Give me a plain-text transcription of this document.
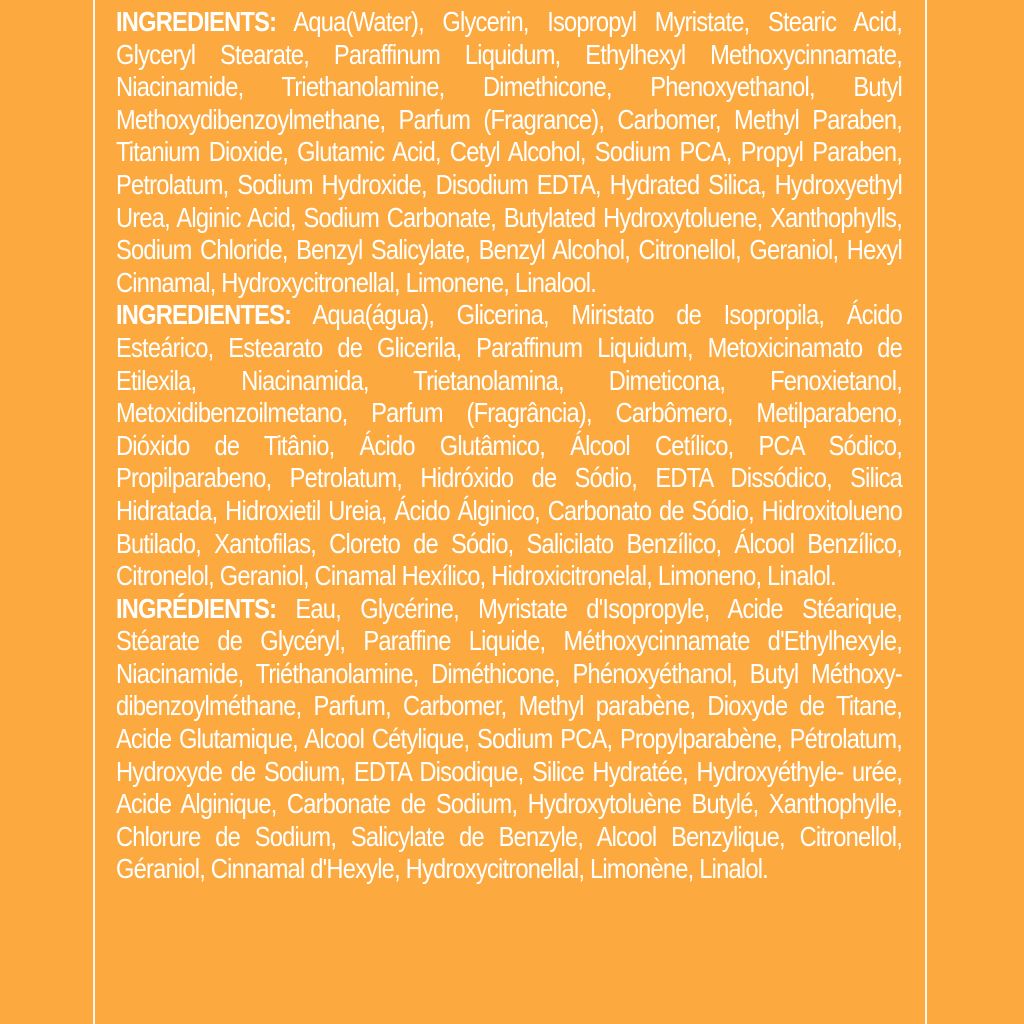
INGREDIENTS: Aqua(Water), Glycerin, Isopropyl Myristate, Stearic Acid, Glyceryl Stearate, Paraffinum Liquidum, Ethylhexyl Methoxycinnamate, Niacinamide, Triethanolamine, Dimethicone, Phenoxyethanol, Butyl Methoxydibenzoylmethane, Parfum (Fragrance), Carbomer, Methyl Paraben, Titanium Dioxide, Glutamic Acid, Cetyl Alcohol, Sodium PCA, Propyl Paraben, Petrolatum, Sodium Hydroxide, Disodium EDTA, Hydrated Silica, Hydroxyethyl Urea, Alginic Acid, Sodium Carbonate, Butylated Hydroxytoluene, Xanthophylls, Sodium Chloride, Benzyl Salicylate, Benzyl Alcohol, Citronellol, Geraniol, Hexyl Cinnamal, Hydroxycitronellal, Limonene, Linalool.

INGREDIENTES: Aqua(água), Glicerina, Miristato de Isopropila, Ácido Esteárico, Estearato de Glicerila, Paraffinum Liquidum, Metoxicinamato de Etilexila, Niacinamida, Trietanolamina, Dimeticona, Fenoxietanol, Metoxidibenzoilmetano, Parfum (Fragrância), Carbômero, Metilparabeno, Dióxido de Titânio, Ácido Glutâmico, Álcool Cetílico, PCA Sódico, Propilparabeno, Petrolatum, Hidróxido de Sódio, EDTA Dissódico, Silica Hidratada, Hidroxietil Ureia, Ácido Álginico, Carbonato de Sódio, Hidroxitolueno Butilado, Xantofilas, Cloreto de Sódio, Salicilato Benzílico, Álcool Benzílico, Citronelol, Geraniol, Cinamal Hexílico, Hidroxicitronelal, Limoneno, Linalol.

INGRÉDIENTS: Eau, Glycérine, Myristate d'Isopropyle, Acide Stéarique, Stéarate de Glycéryl, Paraffine Liquide, Méthoxycinnamate d'Ethylhexyle, Niacinamide, Triéthanolamine, Diméthicone, Phénoxyéthanol, Butyl Méthoxy-dibenzoylméthane, Parfum, Carbomer, Methyl parabène, Dioxyde de Titane, Acide Glutamique, Alcool Cétylique, Sodium PCA, Propylparabène, Pétrolatum, Hydroxyde de Sodium, EDTA Disodique, Silice Hydratée, Hydroxyéthyle- urée, Acide Alginique, Carbonate de Sodium, Hydroxytoluène Butylé, Xanthophylle, Chlorure de Sodium, Salicylate de Benzyle, Alcool Benzylique, Citronellol, Géraniol, Cinnamal d'Hexyle, Hydroxycitronellal, Limonène, Linalol.
